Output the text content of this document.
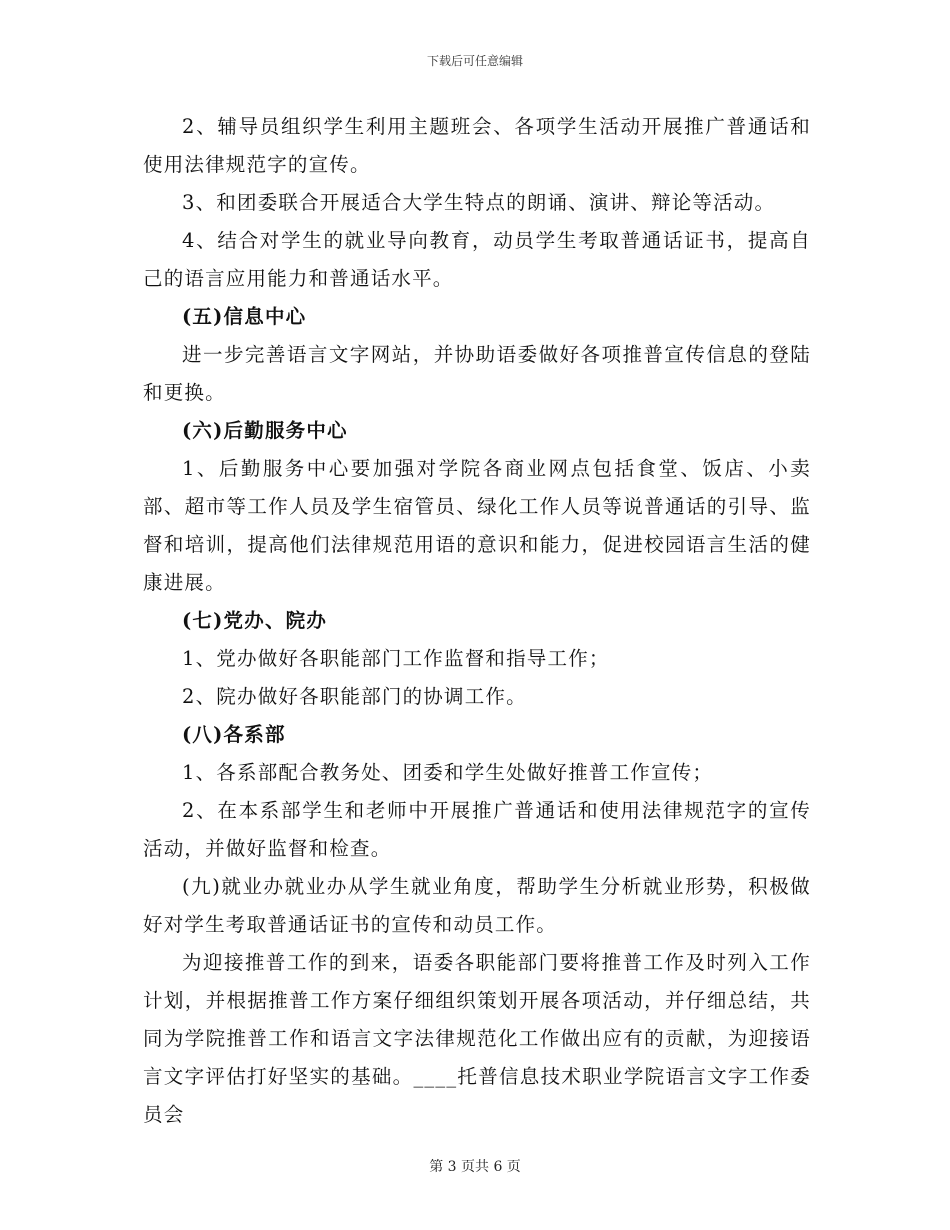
下载后可任意编辑

2、辅导员组织学生利用主题班会、各项学生活动开展推广普通话和使用法律规范字的宣传。

3、和团委联合开展适合大学生特点的朗诵、演讲、辩论等活动。

4、结合对学生的就业导向教育，动员学生考取普通话证书，提高自己的语言应用能力和普通话水平。

(五)信息中心

进一步完善语言文字网站，并协助语委做好各项推普宣传信息的登陆和更换。

(六)后勤服务中心

1、后勤服务中心要加强对学院各商业网点包括食堂、饭店、小卖部、超市等工作人员及学生宿管员、绿化工作人员等说普通话的引导、监督和培训，提高他们法律规范用语的意识和能力，促进校园语言生活的健康进展。

(七)党办、院办

1、党办做好各职能部门工作监督和指导工作；

2、院办做好各职能部门的协调工作。

(八)各系部

1、各系部配合教务处、团委和学生处做好推普工作宣传；

2、在本系部学生和老师中开展推广普通话和使用法律规范字的宣传活动，并做好监督和检查。

(九)就业办就业办从学生就业角度，帮助学生分析就业形势，积极做好对学生考取普通话证书的宣传和动员工作。

为迎接推普工作的到来，语委各职能部门要将推普工作及时列入工作计划，并根据推普工作方案仔细组织策划开展各项活动，并仔细总结，共同为学院推普工作和语言文字法律规范化工作做出应有的贡献，为迎接语言文字评估打好坚实的基础。____托普信息技术职业学院语言文字工作委员会

第 3 页共 6 页
